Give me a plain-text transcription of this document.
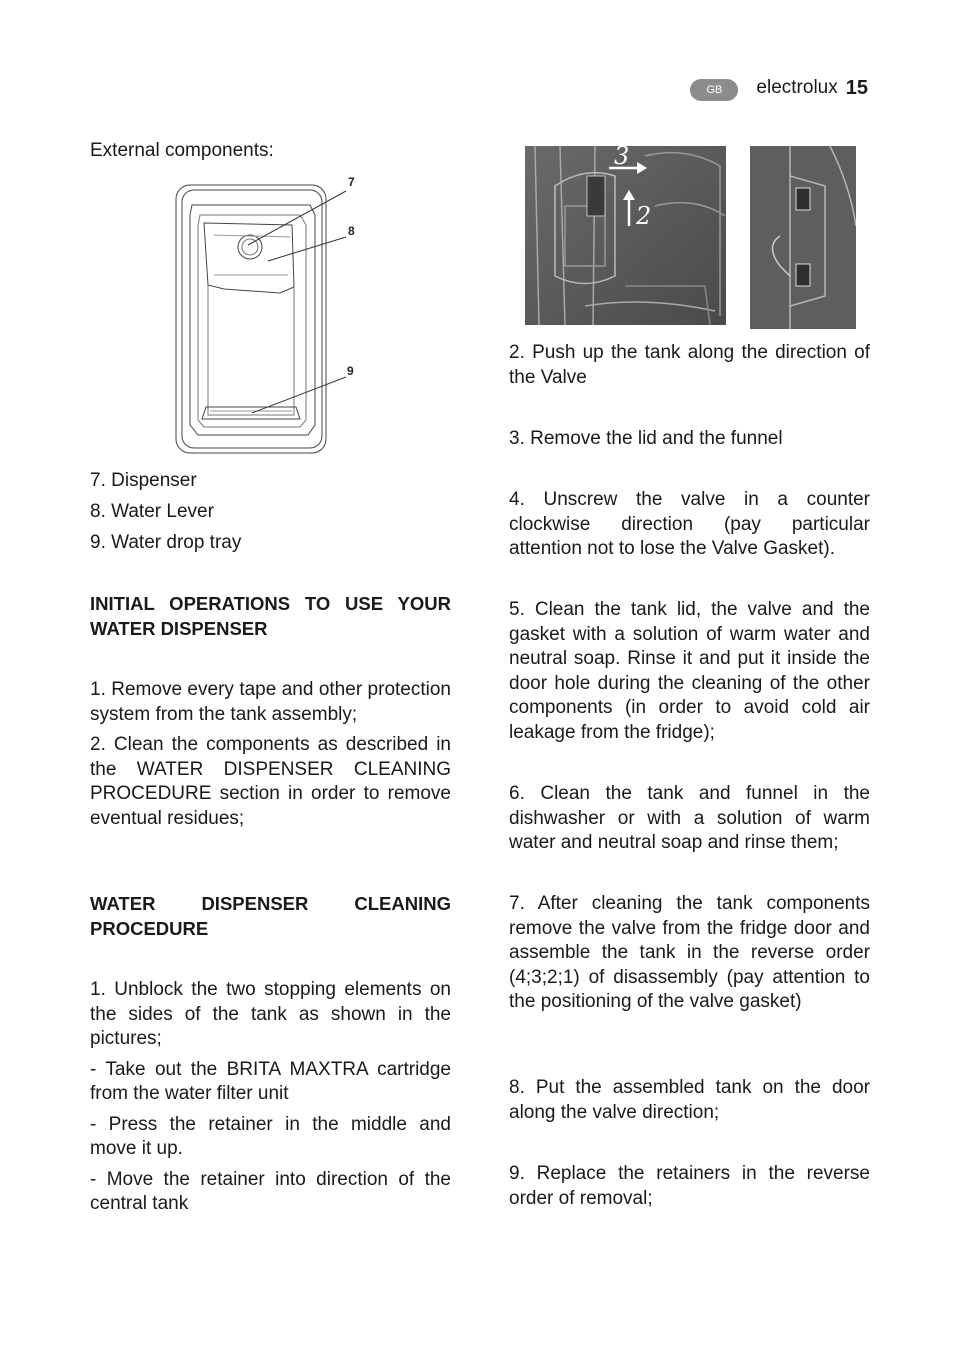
GB	electrolux 15

External components:

7
8
9

7. Dispenser

8. Water Lever

9. Water drop tray

INITIAL OPERATIONS TO USE YOUR WATER DISPENSER

1. Remove every tape and other protection system from the tank assembly;

2. Clean the components as described in the WATER DISPENSER CLEANING PROCEDURE section in order to remove eventual residues;

WATER DISPENSER CLEANING PROCEDURE

1. Unblock the two stopping elements on the sides of the tank as shown in the pictures;

- Take out the BRITA MAXTRA cartridge from the water filter unit

- Press the retainer in the middle and move it up.

- Move the retainer into direction of the central tank

3
2

2. Push up the tank along the direction of the Valve

3. Remove the lid and the funnel

4. Unscrew the valve in a counter clockwise direction (pay particular attention not to lose the Valve Gasket).

5. Clean the tank lid, the valve and the gasket with a solution of warm water and neutral soap. Rinse it and put it inside the door hole during the cleaning of the other components (in order to avoid cold air leakage from the fridge);

6. Clean the tank and funnel in the dishwasher or with a solution of warm water and neutral soap and rinse them;

7. After cleaning the tank components remove the valve from the fridge door and assemble the tank in the reverse order (4;3;2;1) of disassembly (pay attention to the positioning of the valve gasket)

8. Put the assembled tank on the door along the valve direction;

9. Replace the retainers in the reverse order of removal;
